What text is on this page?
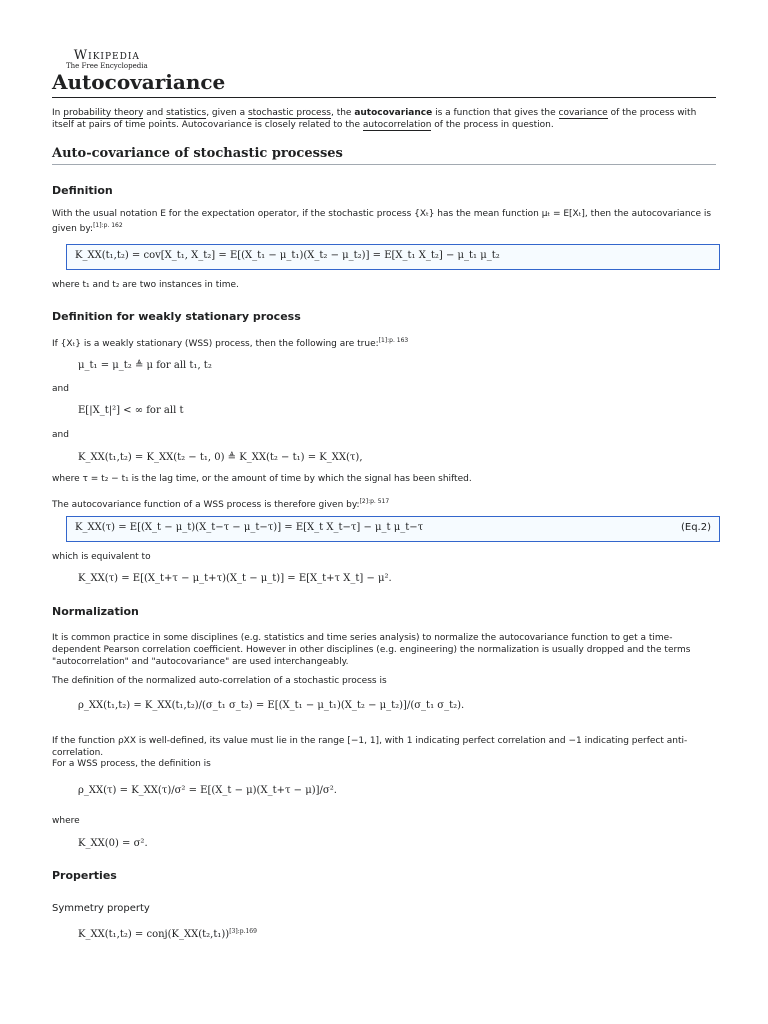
Wikipedia
The Free Encyclopedia
Autocovariance
In probability theory and statistics, given a stochastic process, the autocovariance is a function that gives the covariance of the process with itself at pairs of time points. Autocovariance is closely related to the autocorrelation of the process in question.
Auto-covariance of stochastic processes
Definition
With the usual notation E for the expectation operator, if the stochastic process {Xₜ} has the mean function μₜ = E[Xₜ], then the autocovariance is given by:$^{[1]:p. 162}$
K_XX(t₁,t₂) = cov[X_t₁, X_t₂] = E[(X_t₁ − μ_t₁)(X_t₂ − μ_t₂)] = E[X_t₁ X_t₂] − μ_t₁ μ_t₂
where t₁ and t₂ are two instances in time.
Definition for weakly stationary process
If {Xₜ} is a weakly stationary (WSS) process, then the following are true:$^{[1]:p. 163}$
μ_t₁ = μ_t₂ ≜ μ for all t₁, t₂
and
E[|X_t|²] < ∞ for all t
and
K_XX(t₁,t₂) = K_XX(t₂ − t₁, 0) ≜ K_XX(t₂ − t₁) = K_XX(τ),
where τ = t₂ − t₁ is the lag time, or the amount of time by which the signal has been shifted.
The autocovariance function of a WSS process is therefore given by:$^{[2]:p. 517}$
K_XX(τ) = E[(X_t − μ_t)(X_t−τ − μ_t−τ)] = E[X_t X_t−τ] − μ_t μ_t−τ	(Eq.2)
which is equivalent to
K_XX(τ) = E[(X_t+τ − μ_t+τ)(X_t − μ_t)] = E[X_t+τ X_t] − μ².
Normalization
It is common practice in some disciplines (e.g. statistics and time series analysis) to normalize the autocovariance function to get a time-dependent Pearson correlation coefficient. However in other disciplines (e.g. engineering) the normalization is usually dropped and the terms "autocorrelation" and "autocovariance" are used interchangeably.
The definition of the normalized auto-correlation of a stochastic process is
ρ_XX(t₁,t₂) = K_XX(t₁,t₂)/(σ_t₁ σ_t₂) = E[(X_t₁ − μ_t₁)(X_t₂ − μ_t₂)]/(σ_t₁ σ_t₂).
If the function ρXX is well-defined, its value must lie in the range [−1, 1], with 1 indicating perfect correlation and −1 indicating perfect anti-correlation.
For a WSS process, the definition is
ρ_XX(τ) = K_XX(τ)/σ² = E[(X_t − μ)(X_t+τ − μ)]/σ².
where
K_XX(0) = σ².
Properties
Symmetry property
K_XX(t₁,t₂) = conj(K_XX(t₂,t₁))$^{[3]:p.169}$
